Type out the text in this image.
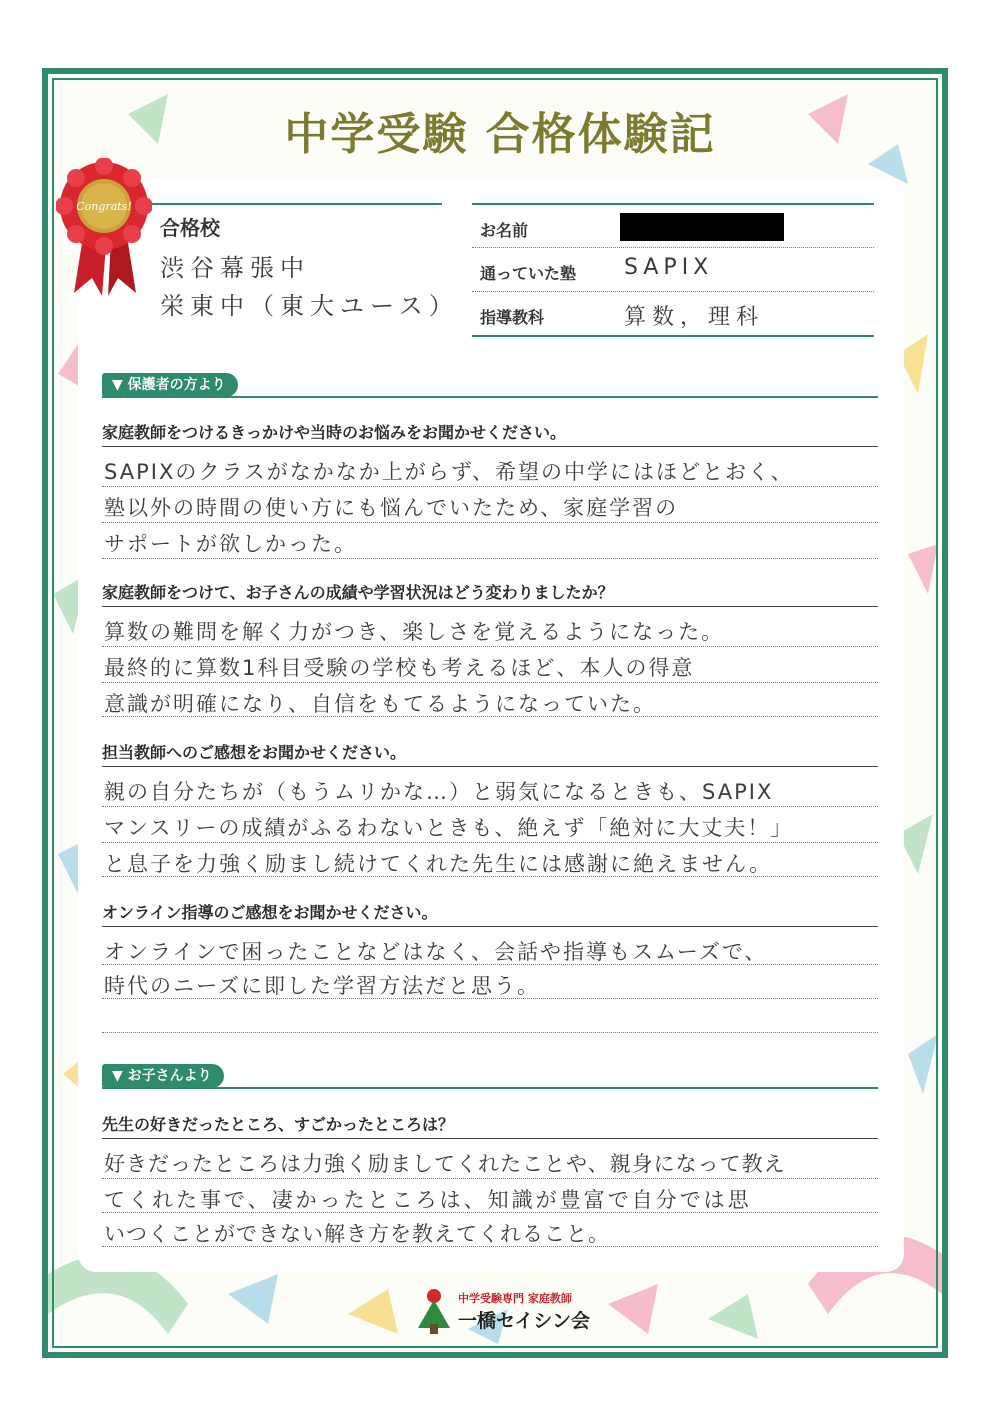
中学受験 合格体験記
Congrats!
合格校
渋谷幕張中
栄東中（東大ユース）
お名前
通っていた塾 SAPIX
指導教科	算数，理科
▼ 保護者の方より
家庭教師をつけるきっかけや当時のお悩みをお聞かせください。
SAPIXのクラスがなかなか上がらず、希望の中学にはほどとおく、
塾以外の時間の使い方にも悩んでいたため、家庭学習の
サポートが欲しかった。
家庭教師をつけて、お子さんの成績や学習状況はどう変わりましたか？
算数の難問を解く力がつき、楽しさを覚えるようになった。
最終的に算数1科目受験の学校も考えるほど、本人の得意
意識が明確になり、自信をもてるようになっていた。
担当教師へのご感想をお聞かせください。
親の自分たちが（もうムリかな…）と弱気になるときも、SAPIX
マンスリーの成績がふるわないときも、絶えず「絶対に大丈夫！」
と息子を力強く励まし続けてくれた先生には感謝に絶えません。
オンライン指導のご感想をお聞かせください。
オンラインで困ったことなどはなく、会話や指導もスムーズで、
時代のニーズに即した学習方法だと思う。
▼ お子さんより
先生の好きだったところ、すごかったところは？
好きだったところは力強く励ましてくれたことや、親身になって教え
てくれた事で、凄かったところは、知識が豊富で自分では思
いつくことができない解き方を教えてくれること。
中学受験専門 家庭教師
一橋セイシン会
